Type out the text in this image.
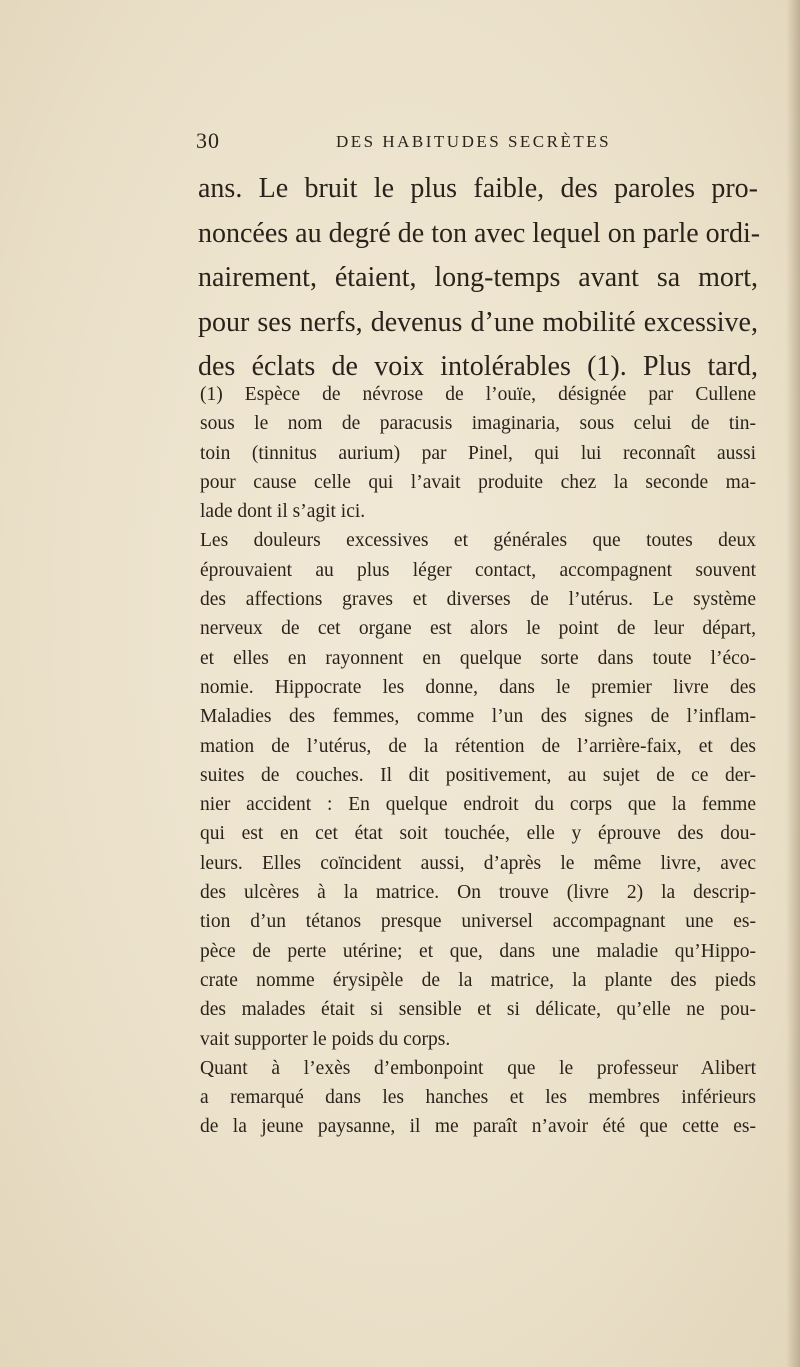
30	DES HABITUDES SECRÈTES
ans. Le bruit le plus faible, des paroles pro-
noncées au degré de ton avec lequel on parle ordi-
nairement, étaient, long-temps avant sa mort,
pour ses nerfs, devenus d’une mobilité excessive,
des éclats de voix intolérables (1). Plus tard,
(1) Espèce de névrose de l’ouïe, désignée par Cullene
sous le nom de paracusis imaginaria, sous celui de tin-
toin (tinnitus aurium) par Pinel, qui lui reconnaît aussi
pour cause celle qui l’avait produite chez la seconde ma-
lade dont il s’agit ici.
Les douleurs excessives et générales que toutes deux
éprouvaient au plus léger contact, accompagnent souvent
des affections graves et diverses de l’utérus. Le système
nerveux de cet organe est alors le point de leur départ,
et elles en rayonnent en quelque sorte dans toute l’éco-
nomie. Hippocrate les donne, dans le premier livre des
Maladies des femmes, comme l’un des signes de l’inflam-
mation de l’utérus, de la rétention de l’arrière-faix, et des
suites de couches. Il dit positivement, au sujet de ce der-
nier accident : En quelque endroit du corps que la femme
qui est en cet état soit touchée, elle y éprouve des dou-
leurs. Elles coïncident aussi, d’après le même livre, avec
des ulcères à la matrice. On trouve (livre 2) la descrip-
tion d’un tétanos presque universel accompagnant une es-
pèce de perte utérine; et que, dans une maladie qu’Hippo-
crate nomme érysipèle de la matrice, la plante des pieds
des malades était si sensible et si délicate, qu’elle ne pou-
vait supporter le poids du corps.
Quant à l’exès d’embonpoint que le professeur Alibert
a remarqué dans les hanches et les membres inférieurs
de la jeune paysanne, il me paraît n’avoir été que cette es-
